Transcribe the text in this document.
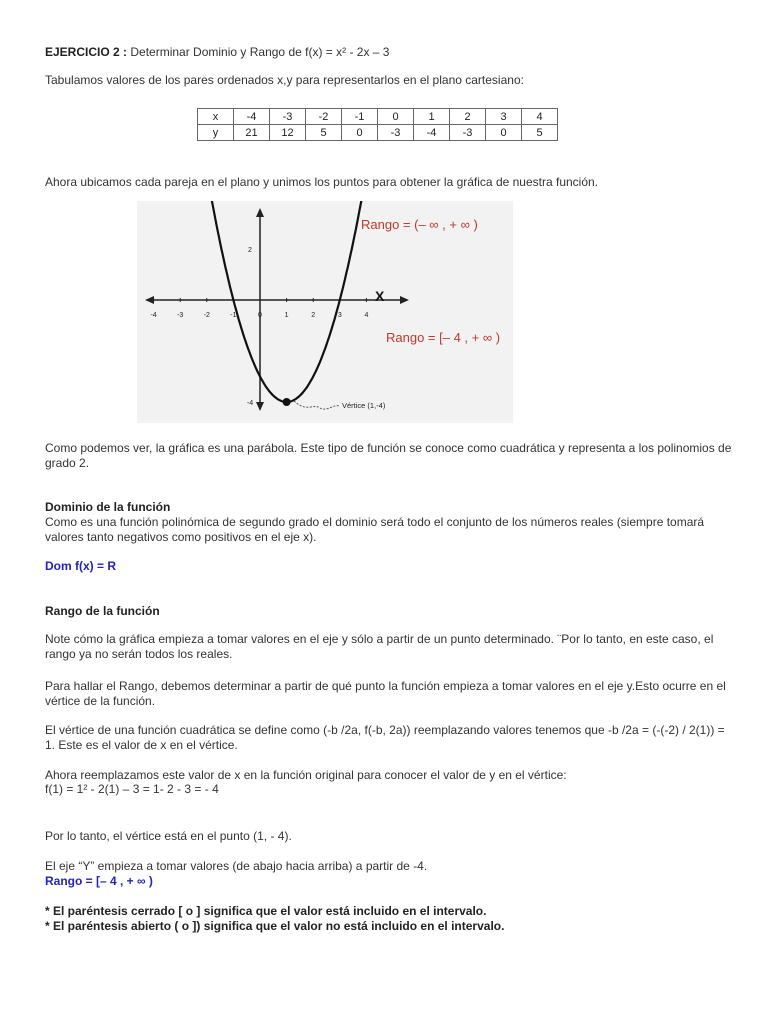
EJERCICIO 2 : Determinar Dominio y Rango de f(x) = x² - 2x – 3

Tabulamos valores de los pares ordenados x,y para representarlos en el plano cartesiano:

x	-4	-3	-2	-1	0	1	2	3	4
y	21	12	5	0	-3	-4	-3	0	5

Ahora ubicamos cada pareja en el plano y unimos los puntos para obtener la gráfica de nuestra función.

-4	-3	-2	-1	0	1	2	3	4
2
-4
X
Vértice (1,-4)
Rango = (– ∞ , + ∞ )
Rango = [– 4 , + ∞ )

Como podemos ver, la gráfica es una parábola. Este tipo de función se conoce como cuadrática y representa a los polinomios de grado 2.

Dominio de la función

Como es una función polinómica de segundo grado el dominio será todo el conjunto de los números reales (siempre tomará valores tanto negativos como positivos en el eje x).

Dom f(x) = R

Rango de la función

Note cómo la gráfica empieza a tomar valores en el eje y sólo a partir de un punto determinado. ¨Por lo tanto, en este caso, el rango ya no serán todos los reales.

Para hallar el Rango, debemos determinar a partir de qué punto la función empieza a tomar valores en el eje y.Esto ocurre en el vértice de la función.

El vértice de una función cuadrática se define como (-b /2a, f(-b, 2a)) reemplazando valores tenemos que -b /2a = (-(-2) / 2(1)) = 1. Este es el valor de x en el vértice.

Ahora reemplazamos este valor de x en la función original para conocer el valor de y en el vértice:

f(1) = 1² - 2(1) – 3 = 1- 2 - 3 = - 4

Por lo tanto, el vértice está en el punto (1, - 4).

El eje “Y” empieza a tomar valores (de abajo hacia arriba) a partir de -4.

Rango = [– 4 , + ∞ )

* El paréntesis cerrado [ o ] significa que el valor está incluido en el intervalo.

* El paréntesis abierto ( o ]) significa que el valor no está incluido en el intervalo.
